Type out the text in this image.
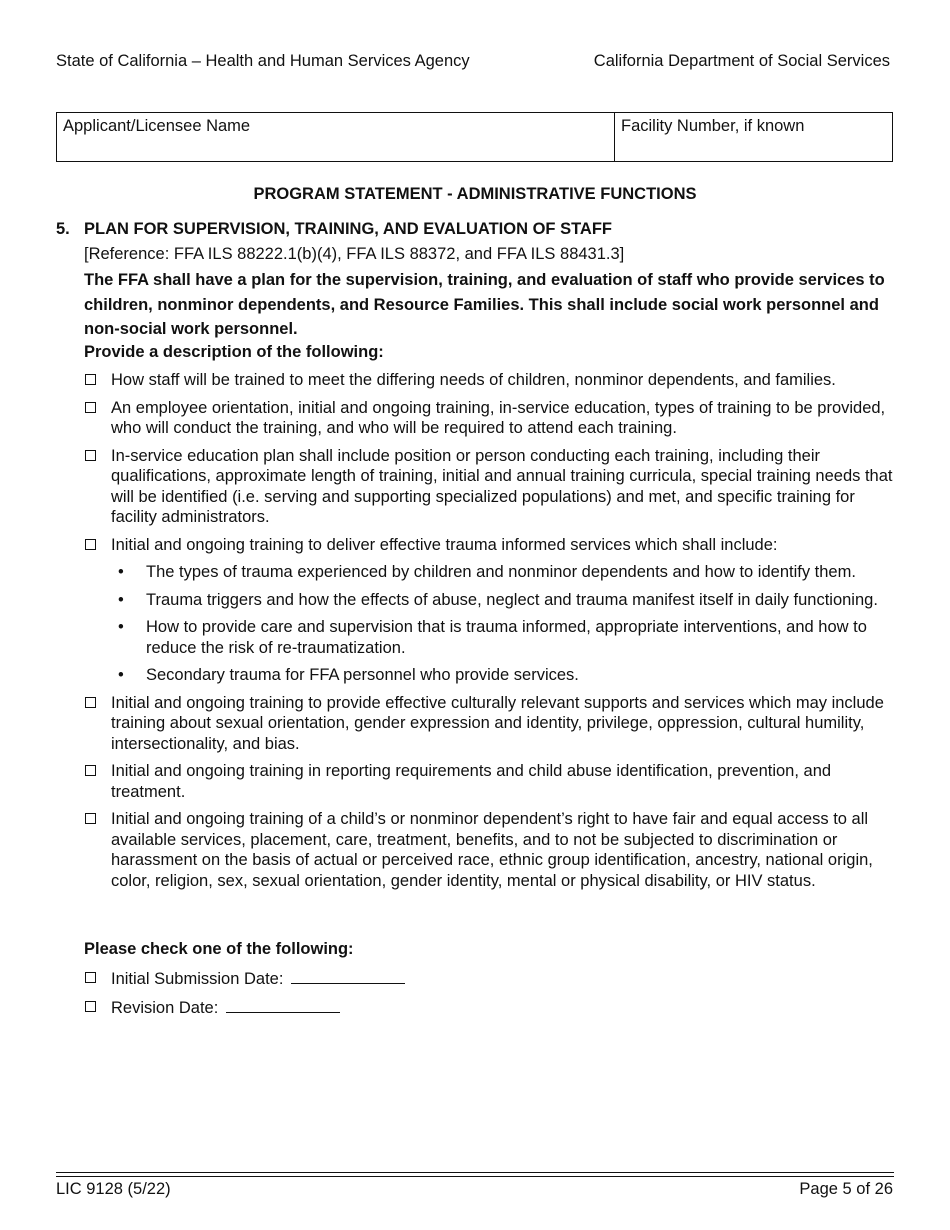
State of California – Health and Human Services Agency	California Department of Social Services
Applicant/Licensee Name	Facility Number, if known
PROGRAM STATEMENT - ADMINISTRATIVE FUNCTIONS
5. PLAN FOR SUPERVISION, TRAINING, AND EVALUATION OF STAFF
[Reference: FFA ILS 88222.1(b)(4), FFA ILS 88372, and FFA ILS 88431.3]
The FFA shall have a plan for the supervision, training, and evaluation of staff who provide services to children, nonminor dependents, and Resource Families. This shall include social work personnel and non-social work personnel.
Provide a description of the following:
How staff will be trained to meet the differing needs of children, nonminor dependents, and families.
An employee orientation, initial and ongoing training, in-service education, types of training to be provided, who will conduct the training, and who will be required to attend each training.
In-service education plan shall include position or person conducting each training, including their qualifications, approximate length of training, initial and annual training curricula, special training needs that will be identified (i.e. serving and supporting specialized populations) and met, and specific training for facility administrators.
Initial and ongoing training to deliver effective trauma informed services which shall include:
• The types of trauma experienced by children and nonminor dependents and how to identify them.
• Trauma triggers and how the effects of abuse, neglect and trauma manifest itself in daily functioning.
• How to provide care and supervision that is trauma informed, appropriate interventions, and how to reduce the risk of re-traumatization.
• Secondary trauma for FFA personnel who provide services.
Initial and ongoing training to provide effective culturally relevant supports and services which may include training about sexual orientation, gender expression and identity, privilege, oppression, cultural humility, intersectionality, and bias.
Initial and ongoing training in reporting requirements and child abuse identification, prevention, and treatment.
Initial and ongoing training of a child’s or nonminor dependent’s right to have fair and equal access to all available services, placement, care, treatment, benefits, and to not be subjected to discrimination or harassment on the basis of actual or perceived race, ethnic group identification, ancestry, national origin, color, religion, sex, sexual orientation, gender identity, mental or physical disability, or HIV status.
Please check one of the following:
Initial Submission Date:
Revision Date:
LIC 9128 (5/22)	Page 5 of 26
